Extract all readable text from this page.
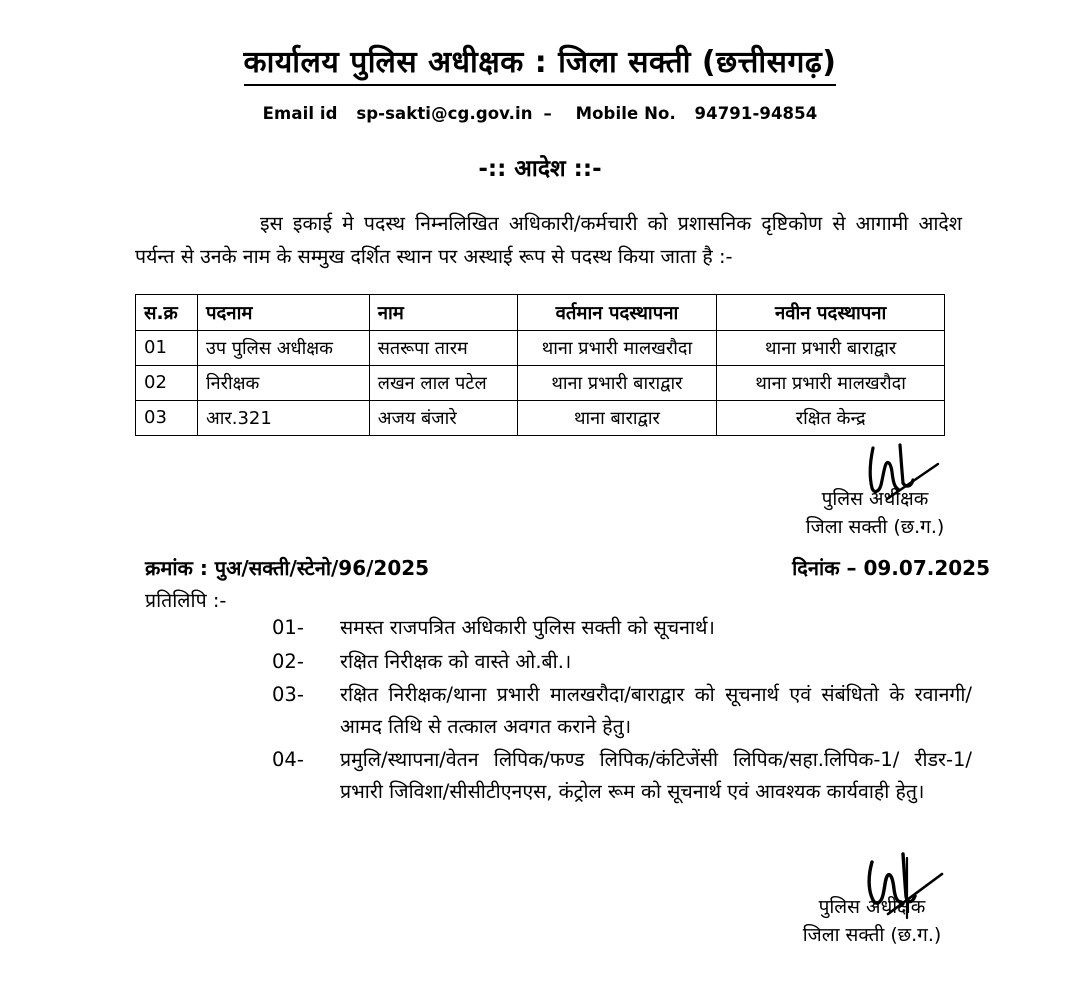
कार्यालय पुलिस अधीक्षक : जिला सक्ती (छत्तीसगढ़)
Email id sp-sakti@cg.gov.in – Mobile No. 94791-94854
-:: आदेश ::-
इस इकाई मे पदस्थ निम्नलिखित अधिकारी/कर्मचारी को प्रशासनिक दृष्टिकोण से आगामी आदेश पर्यन्त से उनके नाम के सम्मुख दर्शित स्थान पर अस्थाई रूप से पदस्थ किया जाता है :-
स.क्र	पदनाम	नाम	वर्तमान पदस्थापना	नवीन पदस्थापना
01	उप पुलिस अधीक्षक	सतरूपा तारम	थाना प्रभारी मालखरौदा	थाना प्रभारी बाराद्वार
02	निरीक्षक	लखन लाल पटेल	थाना प्रभारी बाराद्वार	थाना प्रभारी मालखरौदा
03	आर.321	अजय बंजारे	थाना बाराद्वार	रक्षित केन्द्र
पुलिस अधीक्षक
जिला सक्ती (छ.ग.)
क्रमांक : पुअ/सक्ती/स्टेनो/96/2025	दिनांक – 09.07.2025
प्रतिलिपि :-
01-	समस्त राजपत्रित अधिकारी पुलिस सक्ती को सूचनार्थ।
02-	रक्षित निरीक्षक को वास्ते ओ.बी.।
03-	रक्षित निरीक्षक/थाना प्रभारी मालखरौदा/बाराद्वार को सूचनार्थ एवं संबंधितो के रवानगी/आमद तिथि से तत्काल अवगत कराने हेतु।
04-	प्रमुलि/स्थापना/वेतन लिपिक/फण्ड लिपिक/कंटिजेंसी लिपिक/सहा.लिपिक-1/ रीडर-1/प्रभारी जिविशा/सीसीटीएनएस, कंट्रोल रूम को सूचनार्थ एवं आवश्यक कार्यवाही हेतु।
पुलिस अधीक्षक
जिला सक्ती (छ.ग.)
